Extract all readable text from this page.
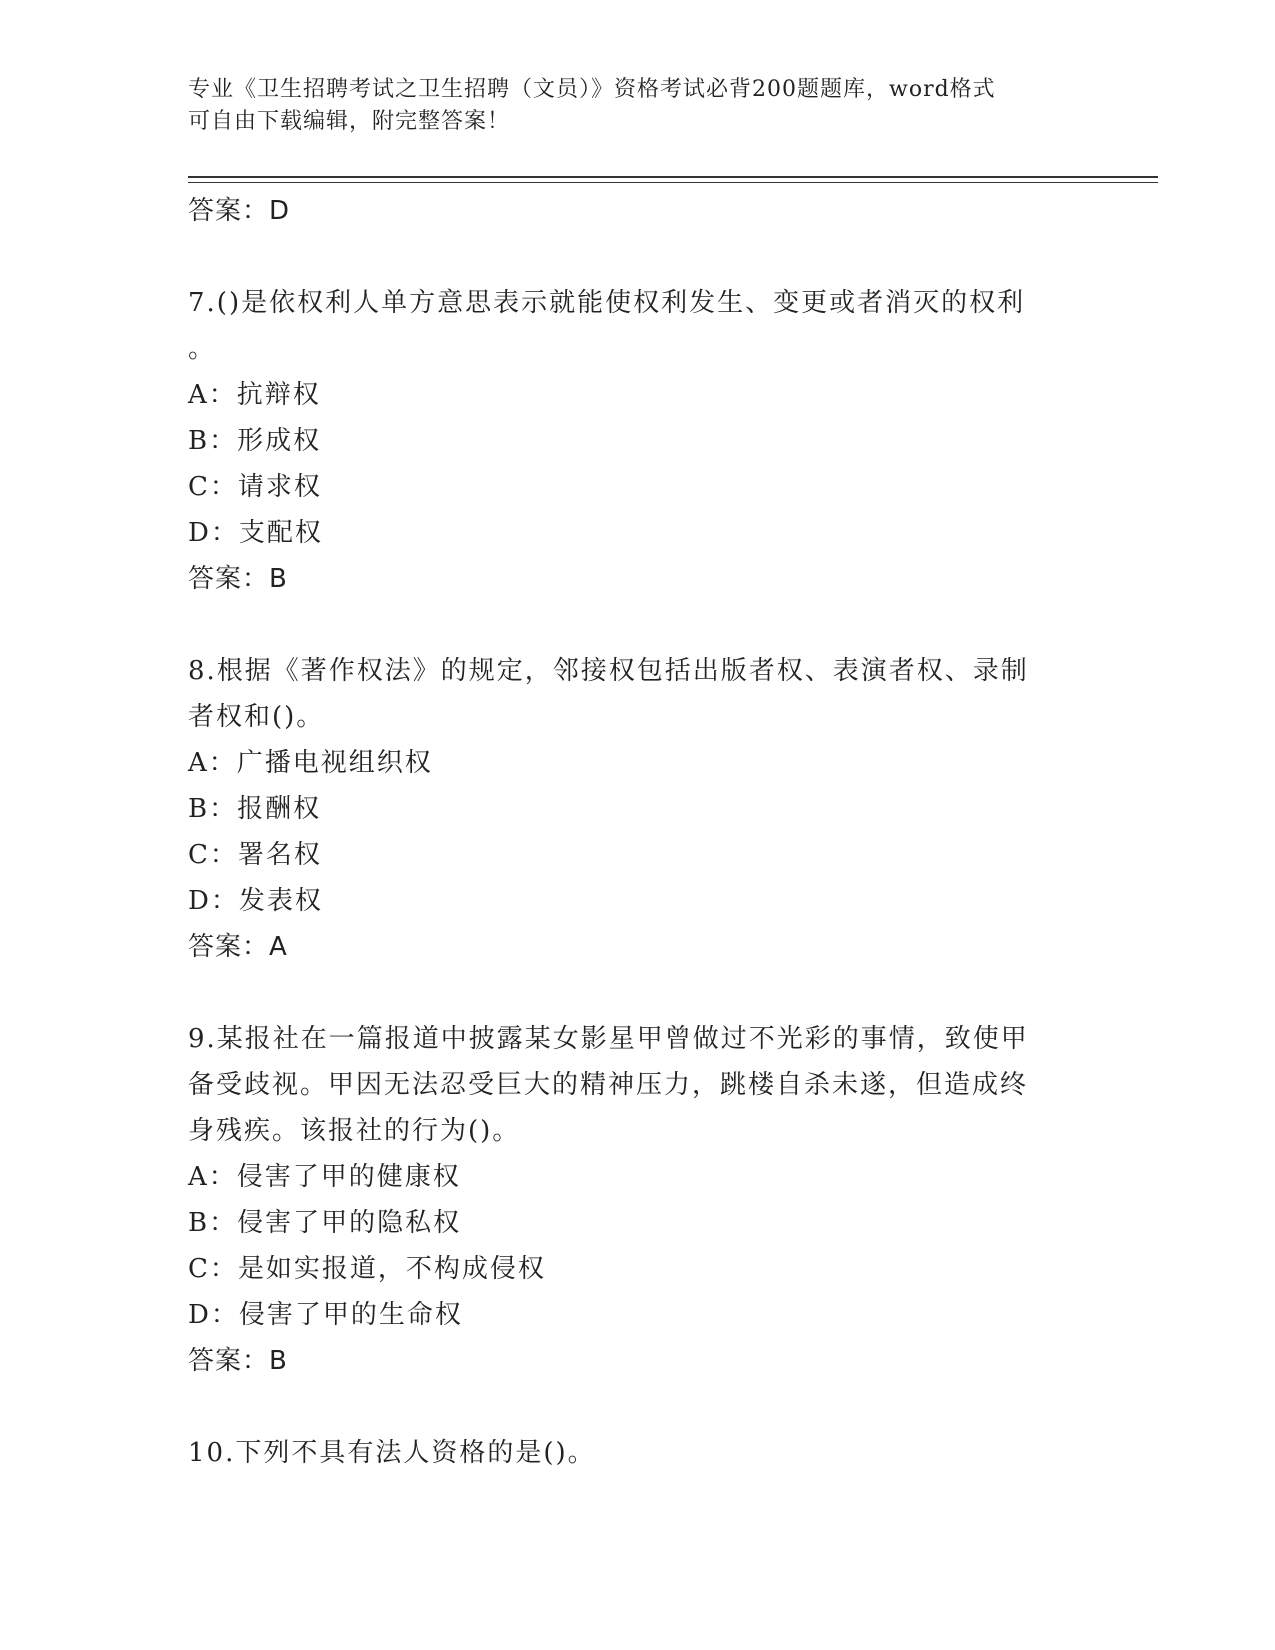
专业《卫生招聘考试之卫生招聘（文员）》资格考试必背200题题库，word格式
可自由下载编辑，附完整答案！
答案：D
7.()是依权利人单方意思表示就能使权利发生、变更或者消灭的权利
。
A：抗辩权
B：形成权
C：请求权
D：支配权
答案：B
8.根据《著作权法》的规定，邻接权包括出版者权、表演者权、录制
者权和()。
A：广播电视组织权
B：报酬权
C：署名权
D：发表权
答案：A
9.某报社在一篇报道中披露某女影星甲曾做过不光彩的事情，致使甲
备受歧视。甲因无法忍受巨大的精神压力，跳楼自杀未遂，但造成终
身残疾。该报社的行为()。
A：侵害了甲的健康权
B：侵害了甲的隐私权
C：是如实报道，不构成侵权
D：侵害了甲的生命权
答案：B
10.下列不具有法人资格的是()。
